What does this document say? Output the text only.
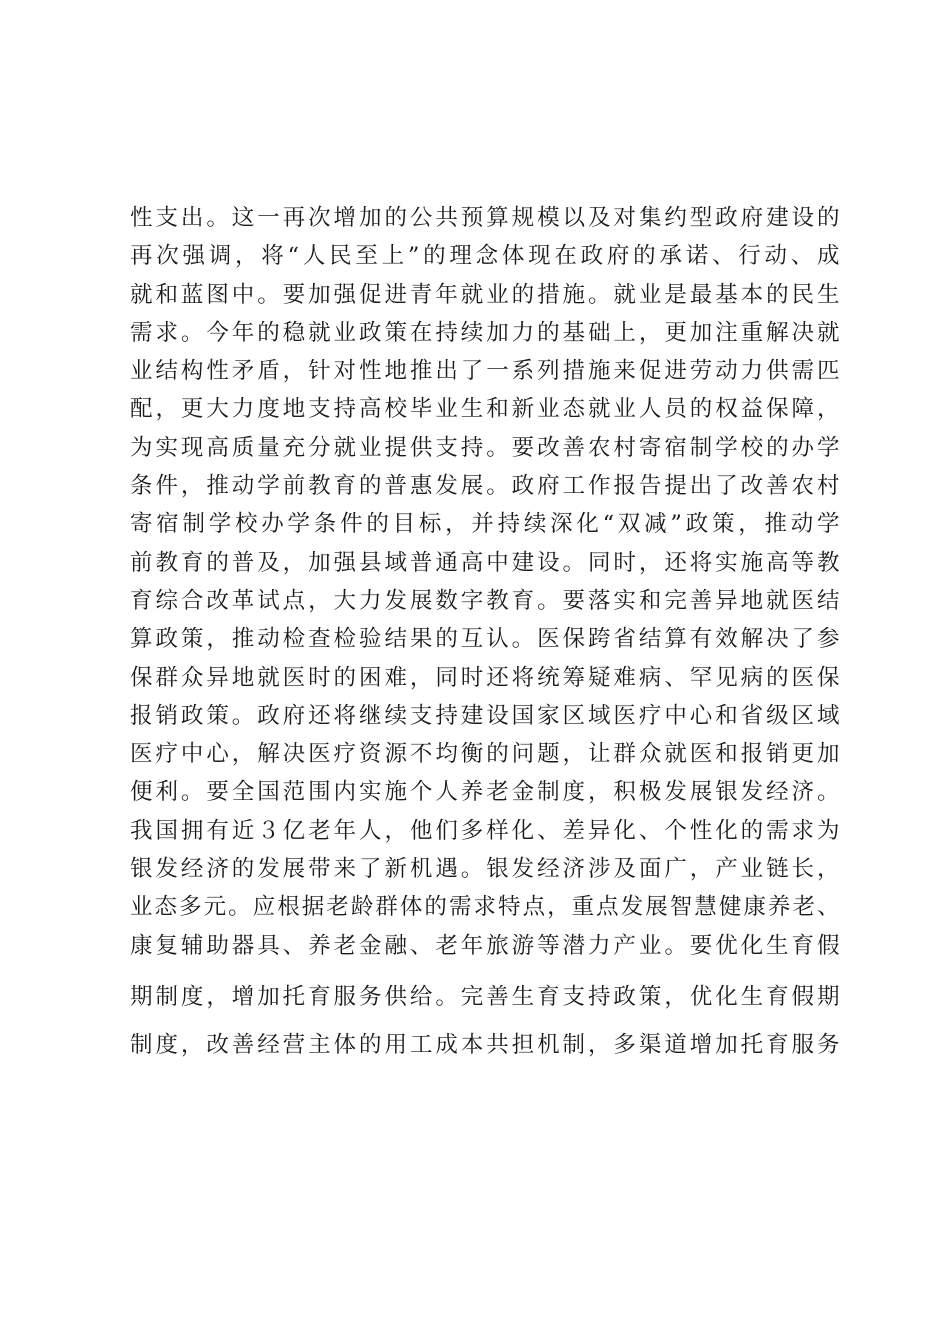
性支出。这一再次增加的公共预算规模以及对集约型政府建设的
再次强调，将“人民至上”的理念体现在政府的承诺、行动、成
就和蓝图中。要加强促进青年就业的措施。就业是最基本的民生
需求。今年的稳就业政策在持续加力的基础上，更加注重解决就
业结构性矛盾，针对性地推出了一系列措施来促进劳动力供需匹
配，更大力度地支持高校毕业生和新业态就业人员的权益保障，
为实现高质量充分就业提供支持。要改善农村寄宿制学校的办学
条件，推动学前教育的普惠发展。政府工作报告提出了改善农村
寄宿制学校办学条件的目标，并持续深化“双减”政策，推动学
前教育的普及，加强县域普通高中建设。同时，还将实施高等教
育综合改革试点，大力发展数字教育。要落实和完善异地就医结
算政策，推动检查检验结果的互认。医保跨省结算有效解决了参
保群众异地就医时的困难，同时还将统筹疑难病、罕见病的医保
报销政策。政府还将继续支持建设国家区域医疗中心和省级区域
医疗中心，解决医疗资源不均衡的问题，让群众就医和报销更加
便利。要全国范围内实施个人养老金制度，积极发展银发经济。
我国拥有近３亿老年人，他们多样化、差异化、个性化的需求为
银发经济的发展带来了新机遇。银发经济涉及面广，产业链长，
业态多元。应根据老龄群体的需求特点，重点发展智慧健康养老、
康复辅助器具、养老金融、老年旅游等潜力产业。要优化生育假
期制度，增加托育服务供给。完善生育支持政策，优化生育假期
制度，改善经营主体的用工成本共担机制，多渠道增加托育服务
